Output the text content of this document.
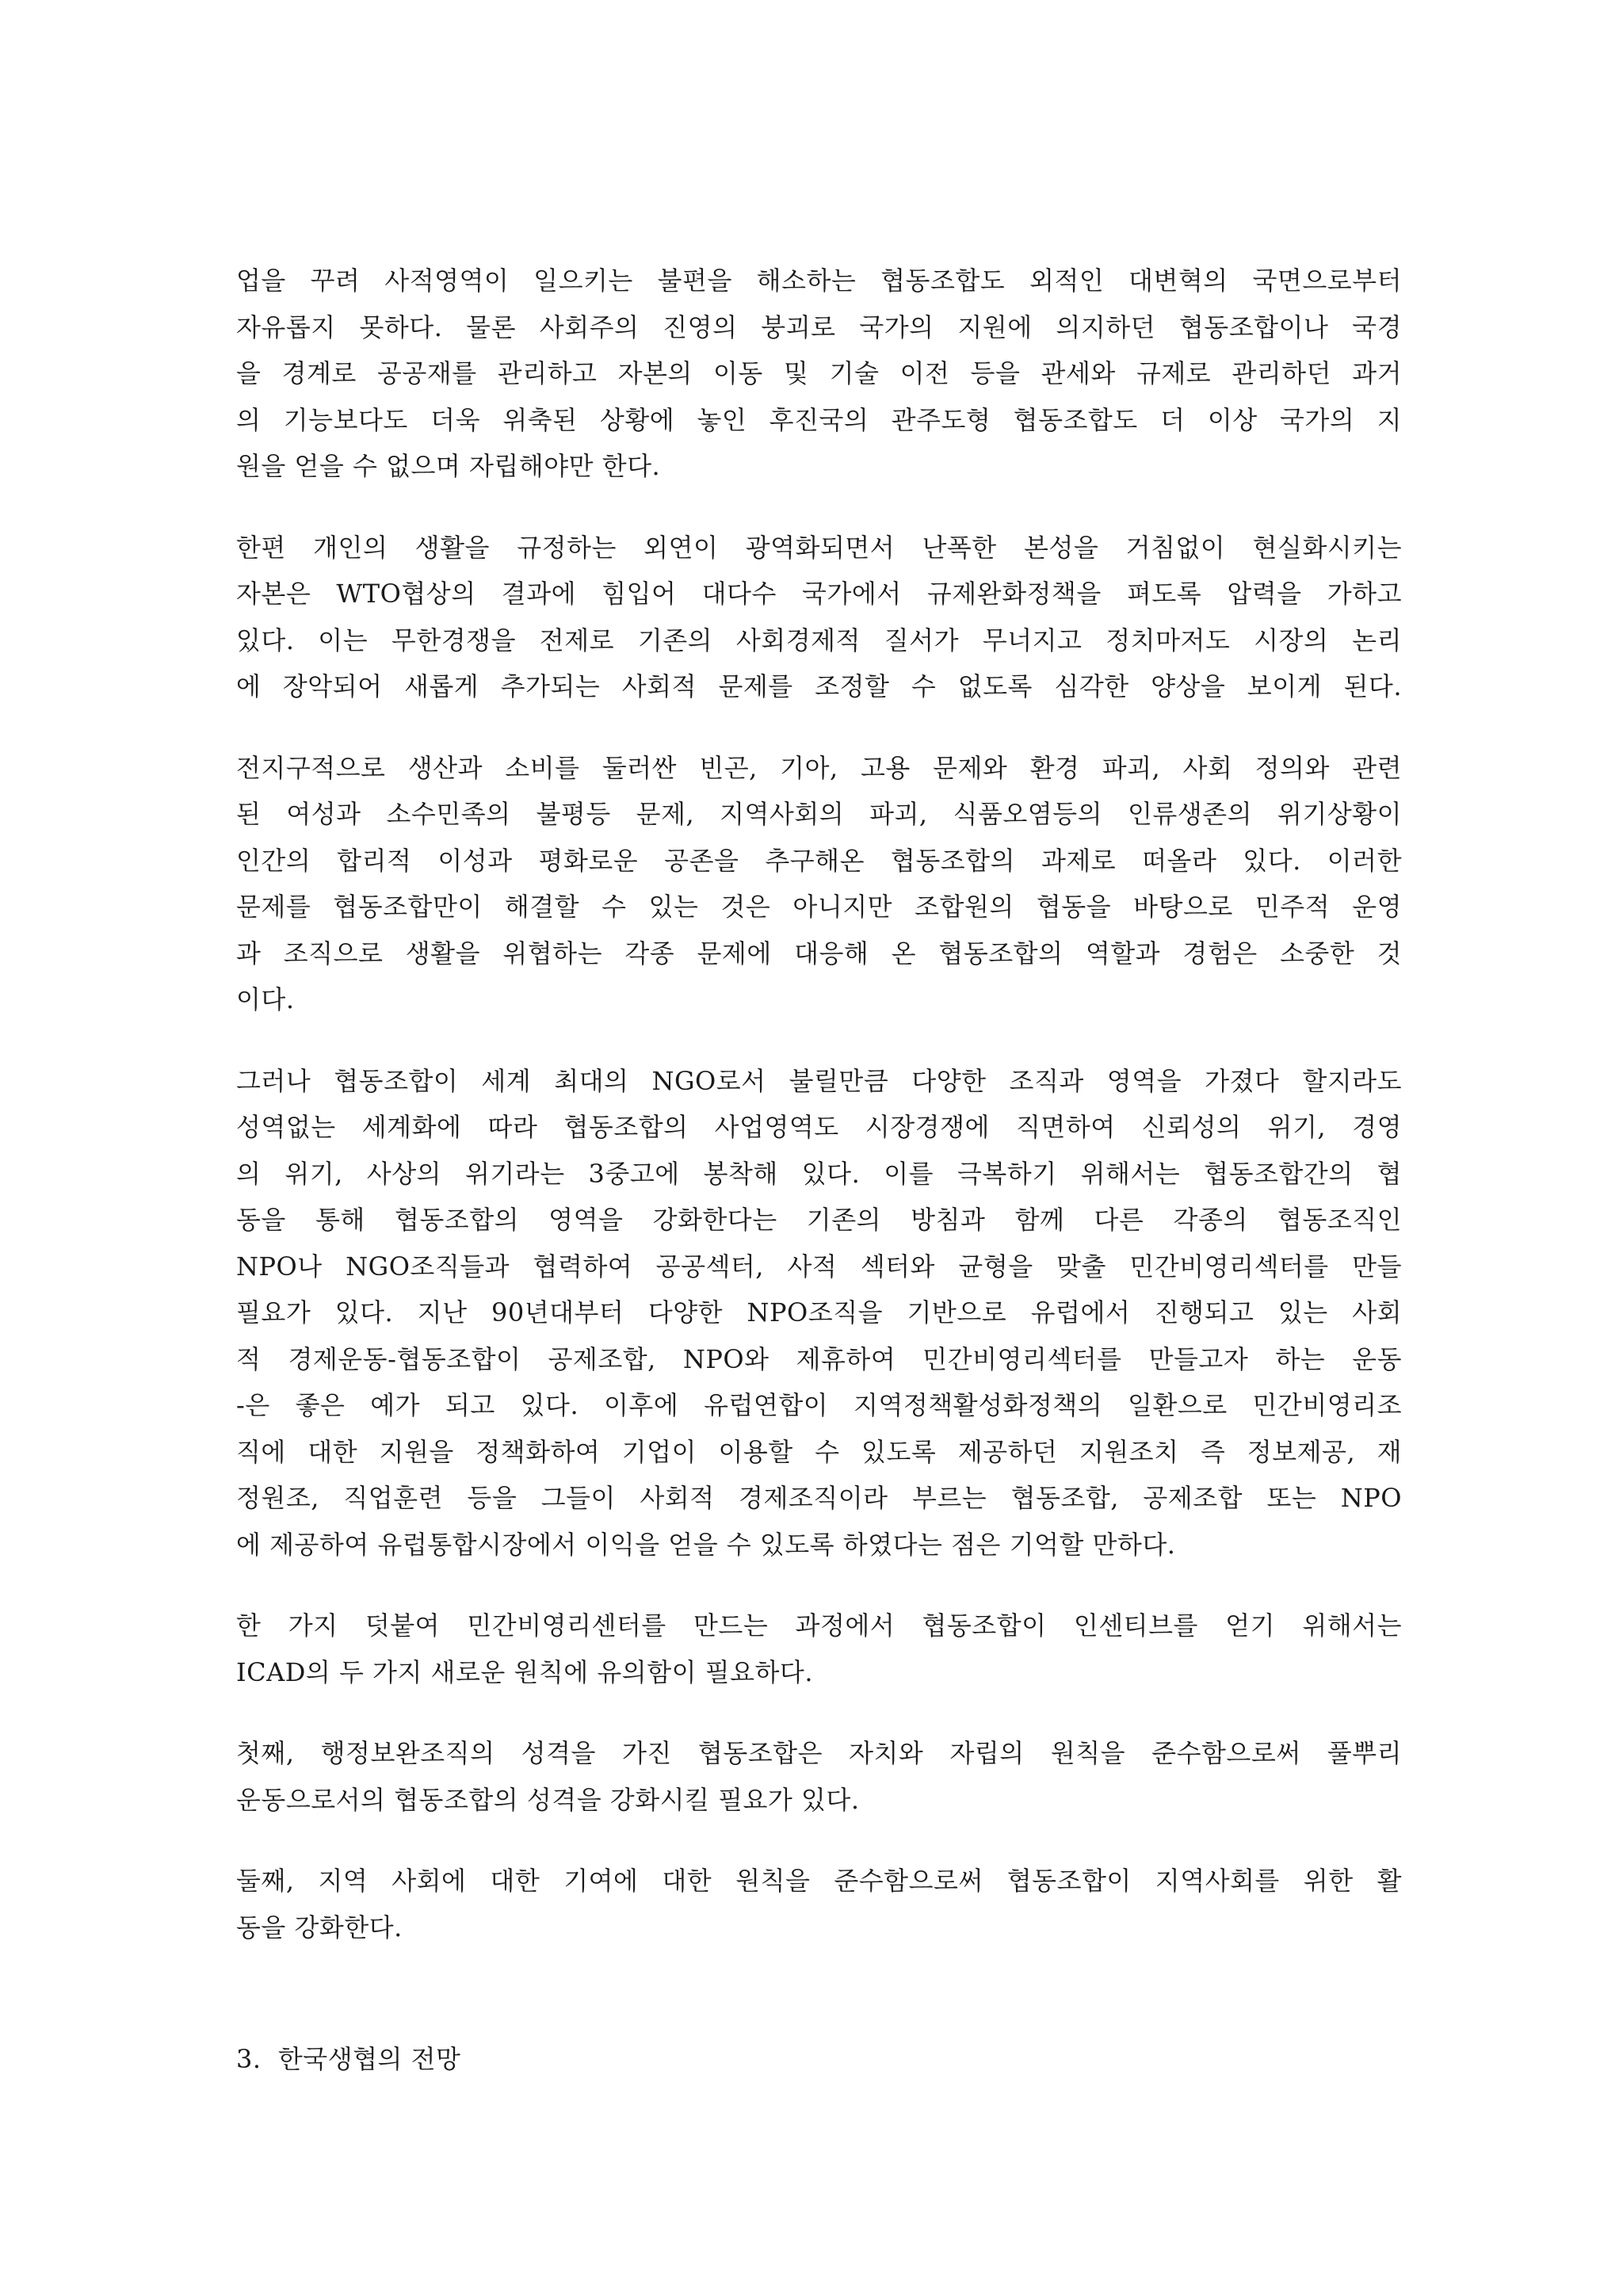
업을 꾸려 사적영역이 일으키는 불편을 해소하는 협동조합도 외적인 대변혁의 국면으로부터
자유롭지 못하다. 물론 사회주의 진영의 붕괴로 국가의 지원에 의지하던 협동조합이나 국경
을 경계로 공공재를 관리하고 자본의 이동 및 기술 이전 등을 관세와 규제로 관리하던 과거
의 기능보다도 더욱 위축된 상황에 놓인 후진국의 관주도형 협동조합도 더 이상 국가의 지
원을 얻을 수 없으며 자립해야만 한다.
한편 개인의 생활을 규정하는 외연이 광역화되면서 난폭한 본성을 거침없이 현실화시키는
자본은 WTO협상의 결과에 힘입어 대다수 국가에서 규제완화정책을 펴도록 압력을 가하고
있다. 이는 무한경쟁을 전제로 기존의 사회경제적 질서가 무너지고 정치마저도 시장의 논리
에 장악되어 새롭게 추가되는 사회적 문제를 조정할 수 없도록 심각한 양상을 보이게 된다.
전지구적으로 생산과 소비를 둘러싼 빈곤, 기아, 고용 문제와 환경 파괴, 사회 정의와 관련
된 여성과 소수민족의 불평등 문제, 지역사회의 파괴, 식품오염등의 인류생존의 위기상황이
인간의 합리적 이성과 평화로운 공존을 추구해온 협동조합의 과제로 떠올라 있다. 이러한
문제를 협동조합만이 해결할 수 있는 것은 아니지만 조합원의 협동을 바탕으로 민주적 운영
과 조직으로 생활을 위협하는 각종 문제에 대응해 온 협동조합의 역할과 경험은 소중한 것
이다.
그러나 협동조합이 세계 최대의 NGO로서 불릴만큼 다양한 조직과 영역을 가졌다 할지라도
성역없는 세계화에 따라 협동조합의 사업영역도 시장경쟁에 직면하여 신뢰성의 위기, 경영
의 위기, 사상의 위기라는 3중고에 봉착해 있다. 이를 극복하기 위해서는 협동조합간의 협
동을 통해 협동조합의 영역을 강화한다는 기존의 방침과 함께 다른 각종의 협동조직인
NPO나 NGO조직들과 협력하여 공공섹터, 사적 섹터와 균형을 맞출 민간비영리섹터를 만들
필요가 있다. 지난 90년대부터 다양한 NPO조직을 기반으로 유럽에서 진행되고 있는 사회
적 경제운동-협동조합이 공제조합, NPO와 제휴하여 민간비영리섹터를 만들고자 하는 운동
-은 좋은 예가 되고 있다. 이후에 유럽연합이 지역정책활성화정책의 일환으로 민간비영리조
직에 대한 지원을 정책화하여 기업이 이용할 수 있도록 제공하던 지원조치 즉 정보제공, 재
정원조, 직업훈련 등을 그들이 사회적 경제조직이라 부르는 협동조합, 공제조합 또는 NPO
에 제공하여 유럽통합시장에서 이익을 얻을 수 있도록 하였다는 점은 기억할 만하다.
한 가지 덧붙여 민간비영리센터를 만드는 과정에서 협동조합이 인센티브를 얻기 위해서는
ICAD의 두 가지 새로운 원칙에 유의함이 필요하다.
첫째, 행정보완조직의 성격을 가진 협동조합은 자치와 자립의 원칙을 준수함으로써 풀뿌리
운동으로서의 협동조합의 성격을 강화시킬 필요가 있다.
둘째, 지역 사회에 대한 기여에 대한 원칙을 준수함으로써 협동조합이 지역사회를 위한 활
동을 강화한다.
3.  한국생협의 전망
